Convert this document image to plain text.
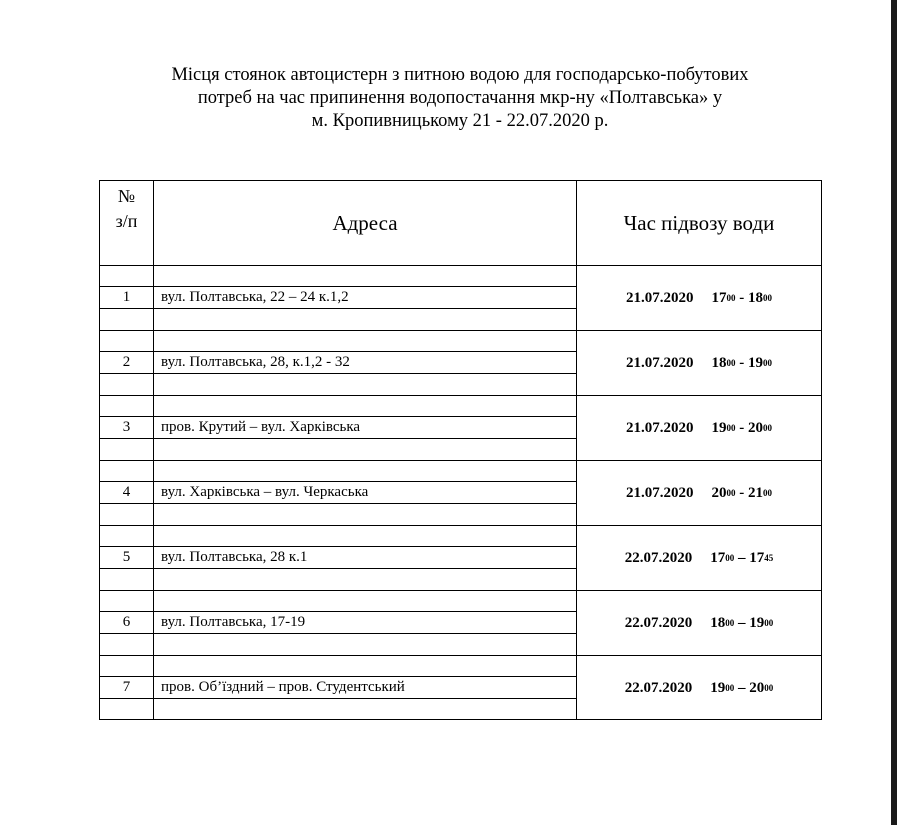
Місця стоянок автоцистерн з питною водою для господарсько-побутових
потреб на час припинення водопостачання мкр-ну «Полтавська» у
м. Кропивницькому 21 - 22.07.2020 р.
№
з/п	Адреса	Час підвозу води
1	вул. Полтавська, 22 – 24 к.1,2	21.07.2020 17 00 - 18 00
2	вул. Полтавська, 28, к.1,2 - 32	21.07.2020 18 00 - 19 00
3	пров. Крутий – вул. Харківська	21.07.2020 19 00 - 20 00
4	вул. Харківська – вул. Черкаська	21.07.2020 20 00 - 21 00
5	вул. Полтавська, 28 к.1	22.07.2020 17 00 – 17 45
6	вул. Полтавська, 17-19	22.07.2020 18 00 – 19 00
7	пров. Об’їздний – пров. Студентський	22.07.2020 19 00 – 20 00
